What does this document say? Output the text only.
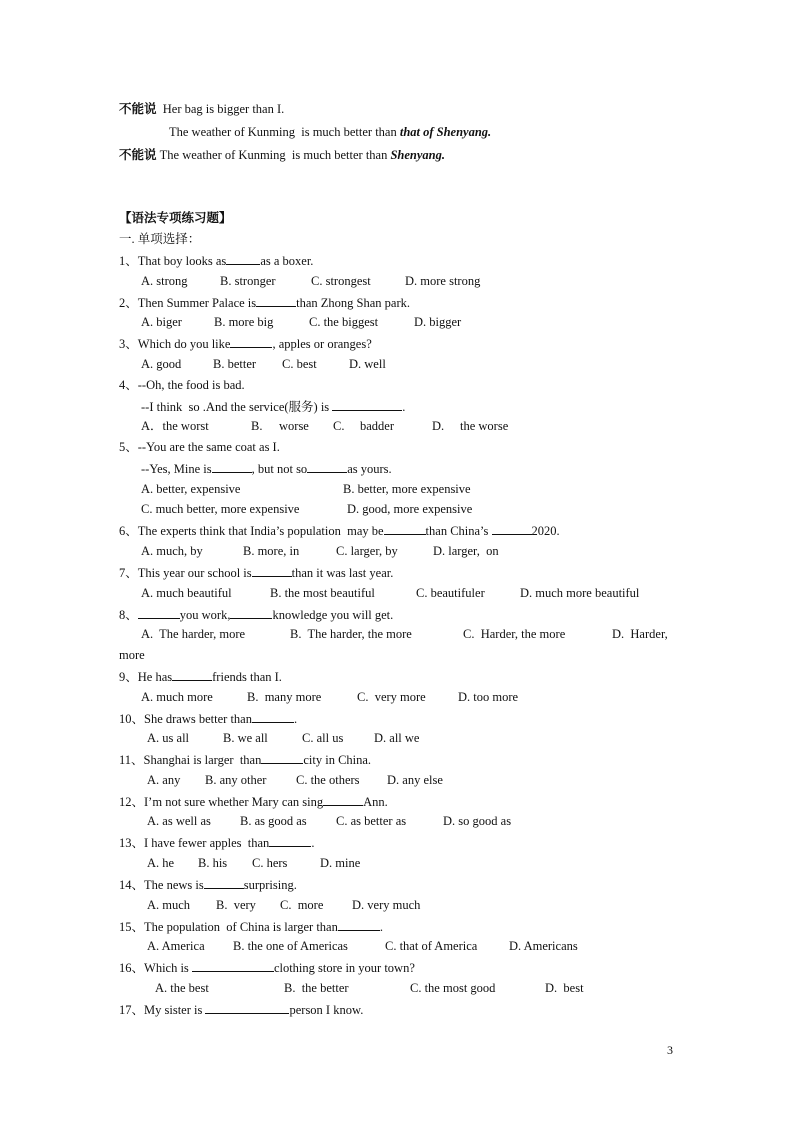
不能说 Her bag is bigger than I.
The weather of Kunming  is much better than that of Shenyang.
不能说 The weather of Kunming  is much better than Shenyang.
【语法专项练习题】
一. 单项选择：
1、That boy looks as	as a boxer.
A. strong	B. stronger	C. strongest	D. more strong
2、Then Summer Palace is	than Zhong Shan park.
A. biger	B. more big	C. the biggest	D. bigger
3、Which do you like	, apples or oranges?
A. good	B. better C. best	D. well
4、--Oh, the food is bad.
--I think  so .And the service(服务) is	.
A．the worst	B. worse C. badder	D. the worse
5、--You are the same coat as I.
--Yes, Mine is	, but not so	as yours.
A. better, expensive	B. better, more expensive
C. much better, more expensive	D. good, more expensive
6、The experts think that India’s population  may be	than China’s	2020.
A. much, by	B. more, in	C. larger, by	D. larger,  on
7、This year our school is	than it was last year.
A. much beautiful	B. the most beautiful	C. beautifuler	D. much more beautiful
8、	you work,	knowledge you will get.
A.  The harder, more	B.  The harder, the more	C.  Harder, the more	D.  Harder,
more
9、He has	friends than I.
A. much more	B.  many more	C.  very more	D. too more
10、She draws better than	.
A. us all	B. we all	C. all us D. all we
11、Shanghai is larger  than	city in China.
A. any B. any other C. the others D. any else
12、I’m not sure whether Mary can sing	Ann.
A. as well as B. as good as C. as better as	D. so good as
13、I have fewer apples  than	.
A. he B. his C. hers	D. mine
14、The news is	surprising.
A. much B.  very C.  more D. very much
15、The population  of China is larger than	.
A. America B. the one of Americas	C. that of America	D. Americans
16、Which is	clothing store in your town?
A. the best	B.  the better	C. the most good	D.  best
17、My sister is	person I know.
3
